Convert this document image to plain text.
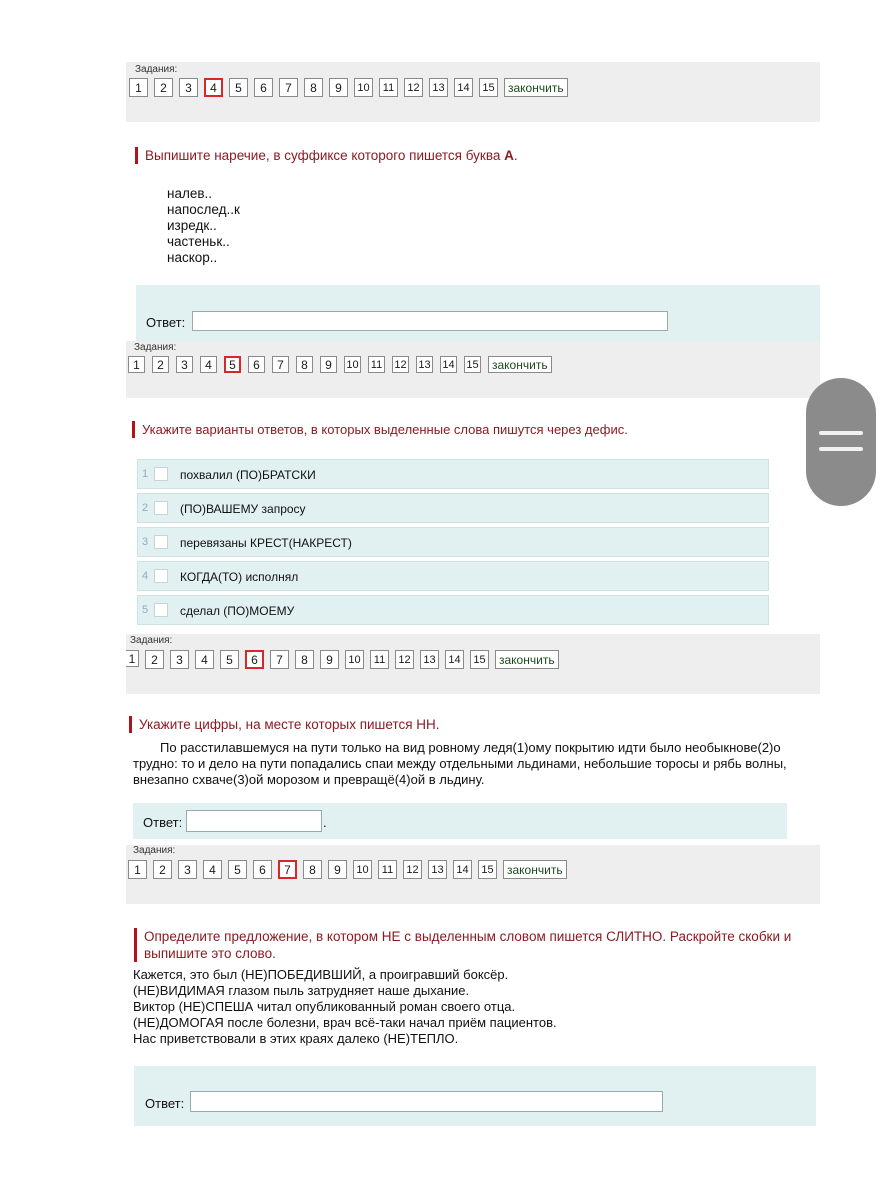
Задания:
1	2	3	4	5	6	7	8	9	10	11	12	13	14	15	закончить
Выпишите наречие, в суффиксе которого пишется буква А.
налев..
напослед..к
изредк..
частеньк..
наскор..
Ответ:
Задания:
1	2	3	4	5	6	7	8	9	10 11 12 13 14 15	закончить
Укажите варианты ответов, в которых выделенные слова пишутся через дефис.
1	похвалил (ПО)БРАТСКИ
2	(ПО)ВАШЕМУ запросу
3	перевязаны КРЕСТ(НАКРЕСТ)
4	КОГДА(ТО) исполнял
5	сделал (ПО)МОЕМУ
Задания:
1	2	3	4	5	6	7	8	9	10	11	12	13	14	15	закончить
Укажите цифры, на месте которых пишется НН.
По расстилавшемуся на пути только на вид ровному ледя(1)ому покрытию идти было необыкнове(2)о
трудно: то и дело на пути попадались спаи между отдельными льдинами, небольшие торосы и рябь волны,
внезапно схваче(3)ой морозом и превращё(4)ой в льдину.
Ответ:	.
Задания:
1	2	3	4	5	6	7	8	9	10	11	12	13	14	15	закончить
Определите предложение, в котором НЕ с выделенным словом пишется СЛИТНО. Раскройте скобки и
выпишите это слово.
Кажется, это был (НЕ)ПОБЕДИВШИЙ, а проигравший боксёр.
(НЕ)ВИДИМАЯ глазом пыль затрудняет наше дыхание.
Виктор (НЕ)СПЕША читал опубликованный роман своего отца.
(НЕ)ДОМОГАЯ после болезни, врач всё-таки начал приём пациентов.
Нас приветствовали в этих краях далеко (НЕ)ТЕПЛО.
Ответ:
